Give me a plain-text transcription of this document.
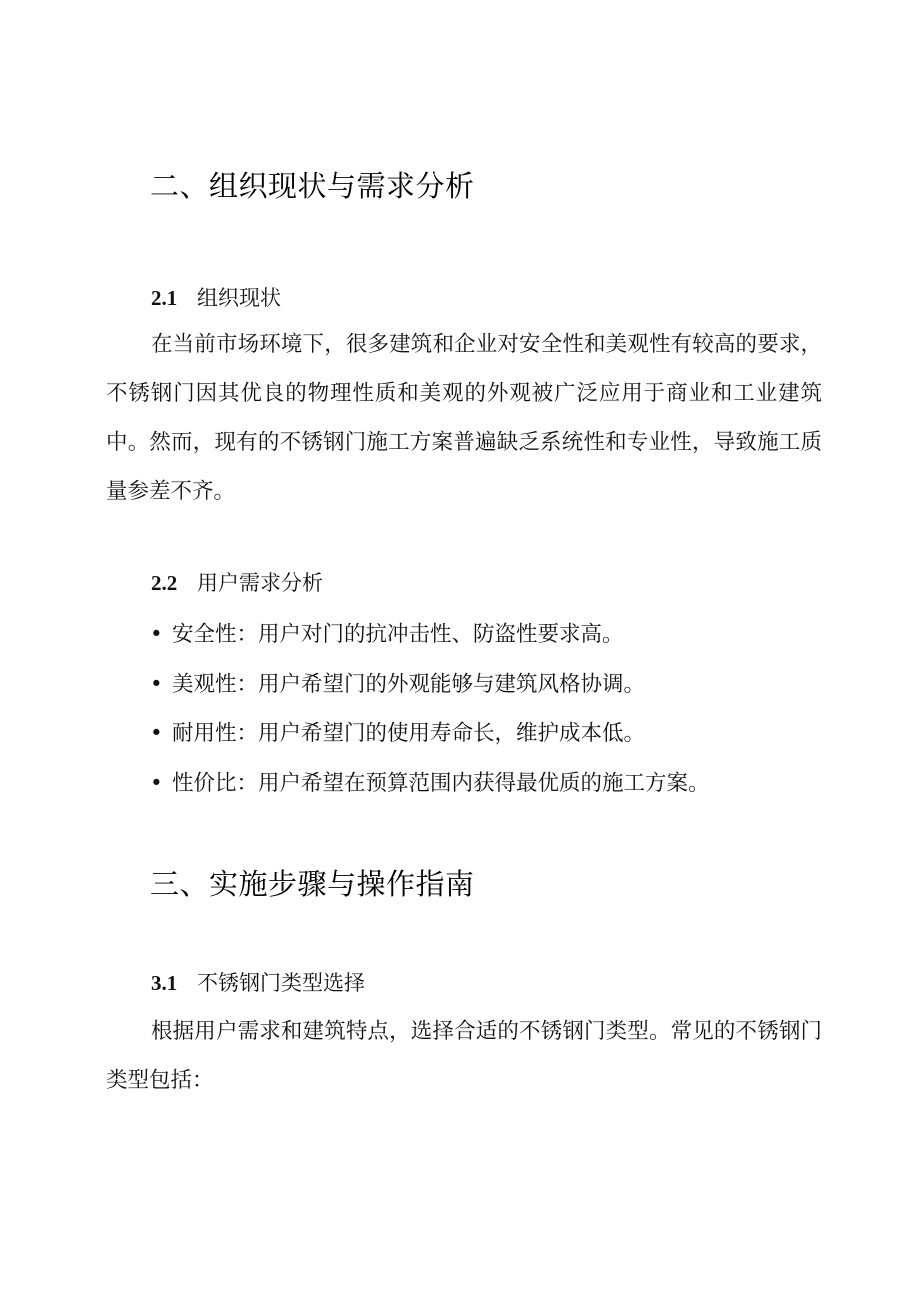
二、组织现状与需求分析
2.1 组织现状

在当前市场环境下，很多建筑和企业对安全性和美观性有较高的要求，不锈钢门因其优良的物理性质和美观的外观被广泛应用于商业和工业建筑中。然而，现有的不锈钢门施工方案普遍缺乏系统性和专业性，导致施工质量参差不齐。

2.2 用户需求分析
• 安全性：用户对门的抗冲击性、防盗性要求高。
• 美观性：用户希望门的外观能够与建筑风格协调。
• 耐用性：用户希望门的使用寿命长，维护成本低。
• 性价比：用户希望在预算范围内获得最优质的施工方案。
三、实施步骤与操作指南
3.1 不锈钢门类型选择

根据用户需求和建筑特点，选择合适的不锈钢门类型。常见的不锈钢门类型包括：
